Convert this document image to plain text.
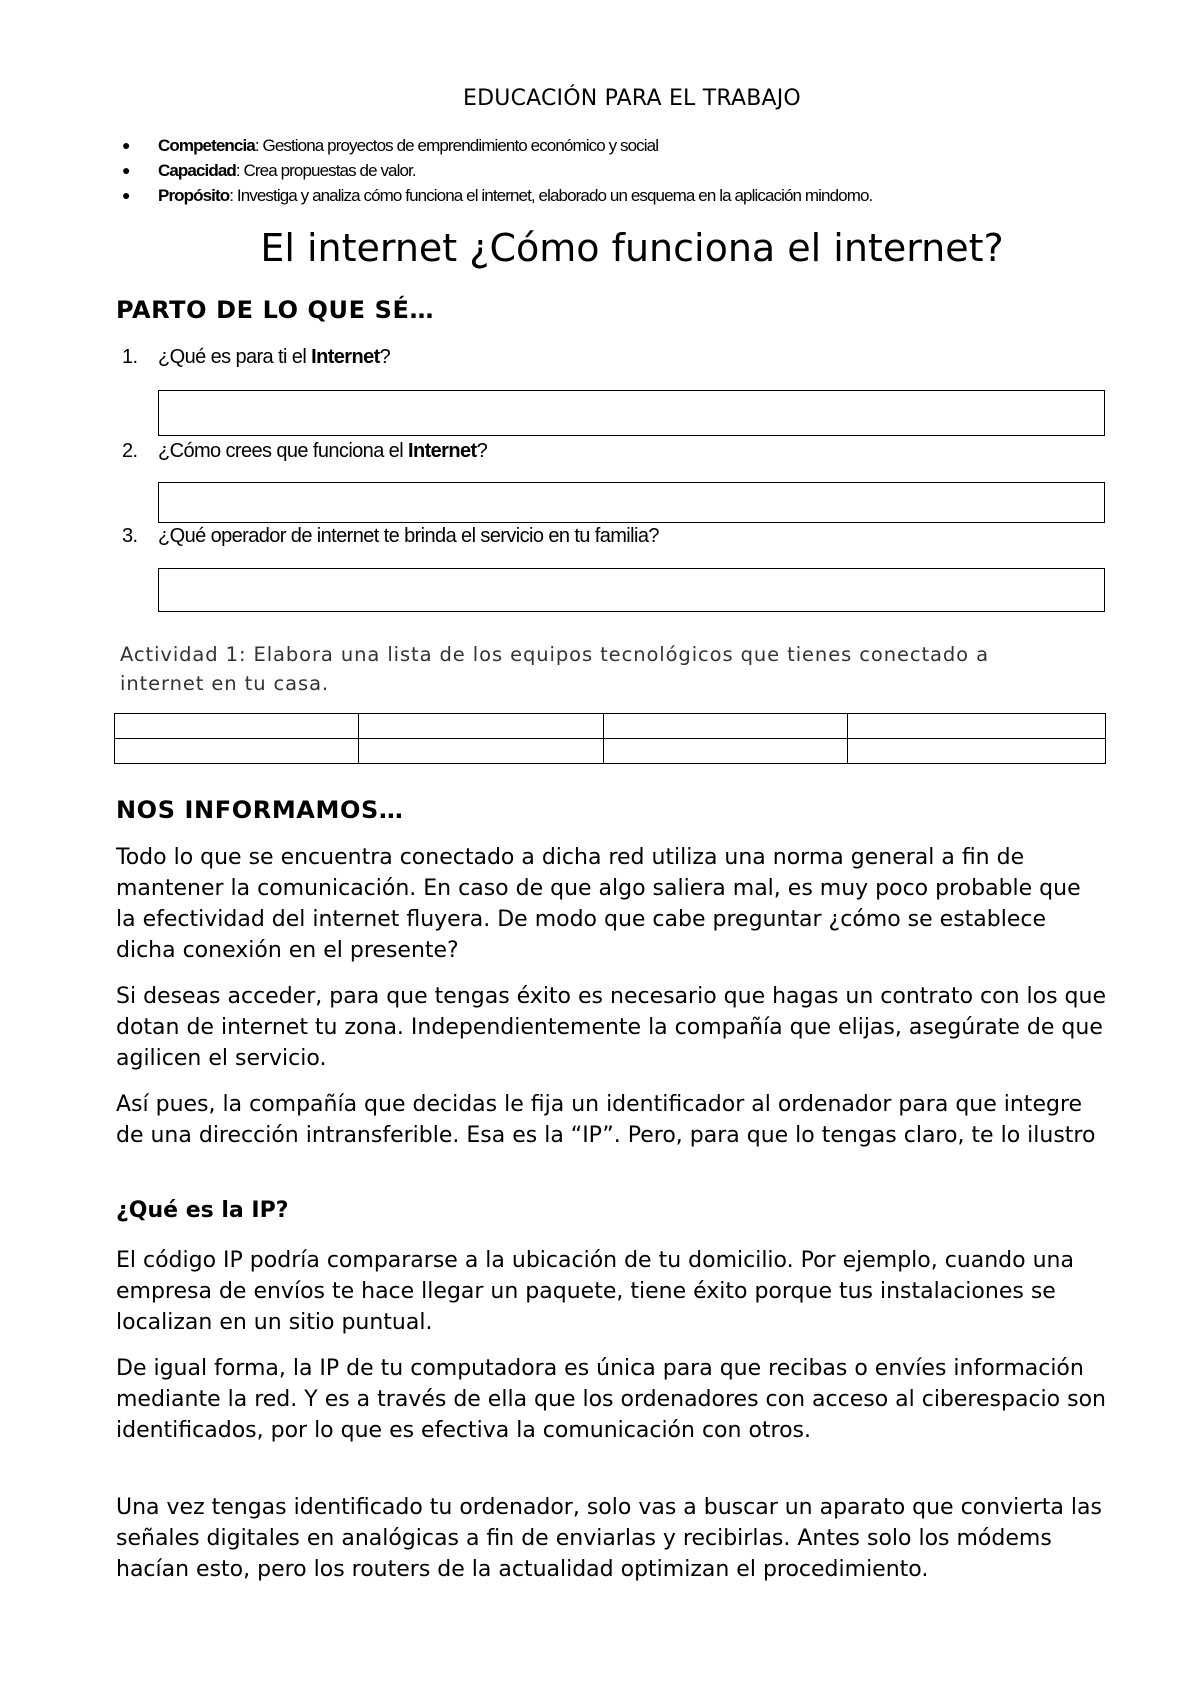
EDUCACIÓN PARA EL TRABAJO
● Competencia: Gestiona proyectos de emprendimiento económico y social
● Capacidad: Crea propuestas de valor.
● Propósito: Investiga y analiza cómo funciona el internet, elaborado un esquema en la aplicación mindomo.
El internet ¿Cómo funciona el internet?
PARTO DE LO QUE SÉ…
1. ¿Qué es para ti el Internet?
2. ¿Cómo crees que funciona el Internet?
3. ¿Qué operador de internet te brinda el servicio en tu familia?
Actividad 1: Elabora una lista de los equipos tecnológicos que tienes conectado a internet en tu casa.

NOS INFORMAMOS…
Todo lo que se encuentra conectado a dicha red utiliza una norma general a fin de mantener la comunicación. En caso de que algo saliera mal, es muy poco probable que la efectividad del internet fluyera. De modo que cabe preguntar ¿cómo se establece dicha conexión en el presente?
Si deseas acceder, para que tengas éxito es necesario que hagas un contrato con los que dotan de internet tu zona. Independientemente la compañía que elijas, asegúrate de que agilicen el servicio.
Así pues, la compañía que decidas le fija un identificador al ordenador para que integre de una dirección intransferible. Esa es la “IP”. Pero, para que lo tengas claro, te lo ilustro
¿Qué es la IP?
El código IP podría compararse a la ubicación de tu domicilio. Por ejemplo, cuando una empresa de envíos te hace llegar un paquete, tiene éxito porque tus instalaciones se localizan en un sitio puntual.
De igual forma, la IP de tu computadora es única para que recibas o envíes información mediante la red. Y es a través de ella que los ordenadores con acceso al ciberespacio son identificados, por lo que es efectiva la comunicación con otros.
Una vez tengas identificado tu ordenador, solo vas a buscar un aparato que convierta las señales digitales en analógicas a fin de enviarlas y recibirlas. Antes solo los módems hacían esto, pero los routers de la actualidad optimizan el procedimiento.
